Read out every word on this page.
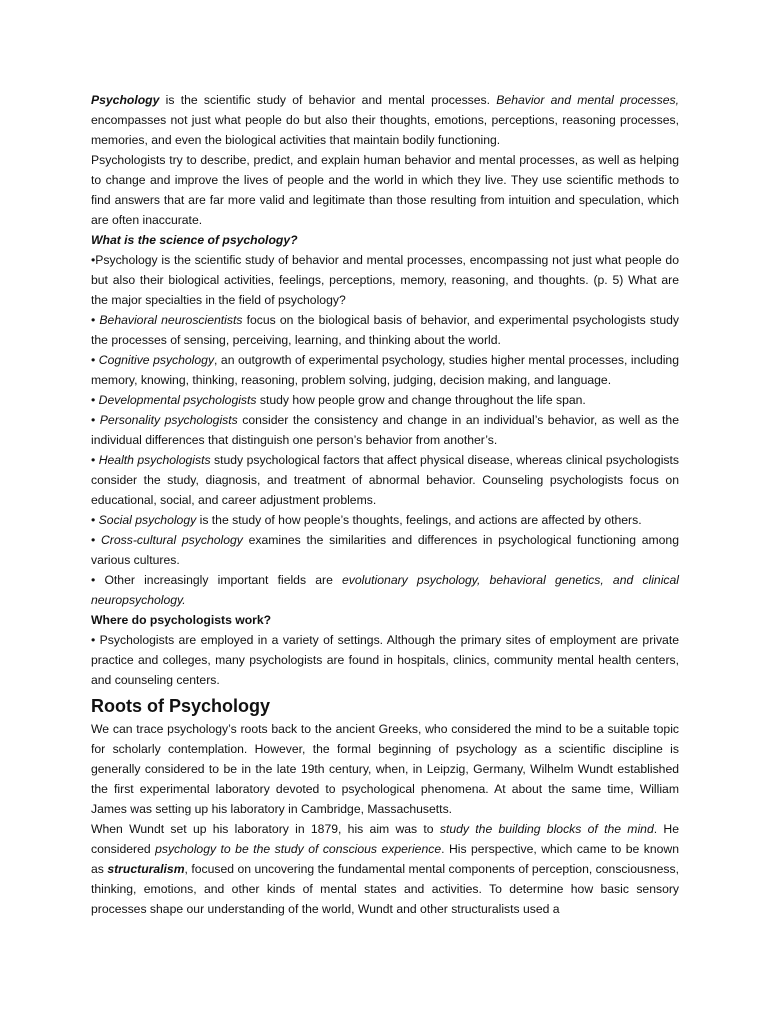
Psychology is the scientific study of behavior and mental processes. Behavior and mental processes, encompasses not just what people do but also their thoughts, emotions, perceptions, reasoning processes, memories, and even the biological activities that maintain bodily functioning.

Psychologists try to describe, predict, and explain human behavior and mental processes, as well as helping to change and improve the lives of people and the world in which they live. They use scientific methods to find answers that are far more valid and legitimate than those resulting from intuition and speculation, which are often inaccurate.

What is the science of psychology?

•Psychology is the scientific study of behavior and mental processes, encompassing not just what people do but also their biological activities, feelings, perceptions, memory, reasoning, and thoughts. (p. 5) What are the major specialties in the field of psychology?

• Behavioral neuroscientists focus on the biological basis of behavior, and experimental psychologists study the processes of sensing, perceiving, learning, and thinking about the world.

• Cognitive psychology, an outgrowth of experimental psychology, studies higher mental processes, including memory, knowing, thinking, reasoning, problem solving, judging, decision making, and language.

• Developmental psychologists study how people grow and change throughout the life span.

• Personality psychologists consider the consistency and change in an individual’s behavior, as well as the individual differences that distinguish one person’s behavior from another’s.

• Health psychologists study psychological factors that affect physical disease, whereas clinical psychologists consider the study, diagnosis, and treatment of abnormal behavior. Counseling psychologists focus on educational, social, and career adjustment problems.

• Social psychology is the study of how people’s thoughts, feelings, and actions are affected by others.

• Cross-cultural psychology examines the similarities and differences in psychological functioning among various cultures.

• Other increasingly important fields are evolutionary psychology, behavioral genetics, and clinical neuropsychology.

Where do psychologists work?

• Psychologists are employed in a variety of settings. Although the primary sites of employment are private practice and colleges, many psychologists are found in hospitals, clinics, community mental health centers, and counseling centers.

Roots of Psychology

We can trace psychology’s roots back to the ancient Greeks, who considered the mind to be a suitable topic for scholarly contemplation. However, the formal beginning of psychology as a scientific discipline is generally considered to be in the late 19th century, when, in Leipzig, Germany, Wilhelm Wundt established the first experimental laboratory devoted to psychological phenomena. At about the same time, William James was setting up his laboratory in Cambridge, Massachusetts.

When Wundt set up his laboratory in 1879, his aim was to study the building blocks of the mind. He considered psychology to be the study of conscious experience. His perspective, which came to be known as structuralism, focused on uncovering the fundamental mental components of perception, consciousness, thinking, emotions, and other kinds of mental states and activities. To determine how basic sensory processes shape our understanding of the world, Wundt and other structuralists used a
